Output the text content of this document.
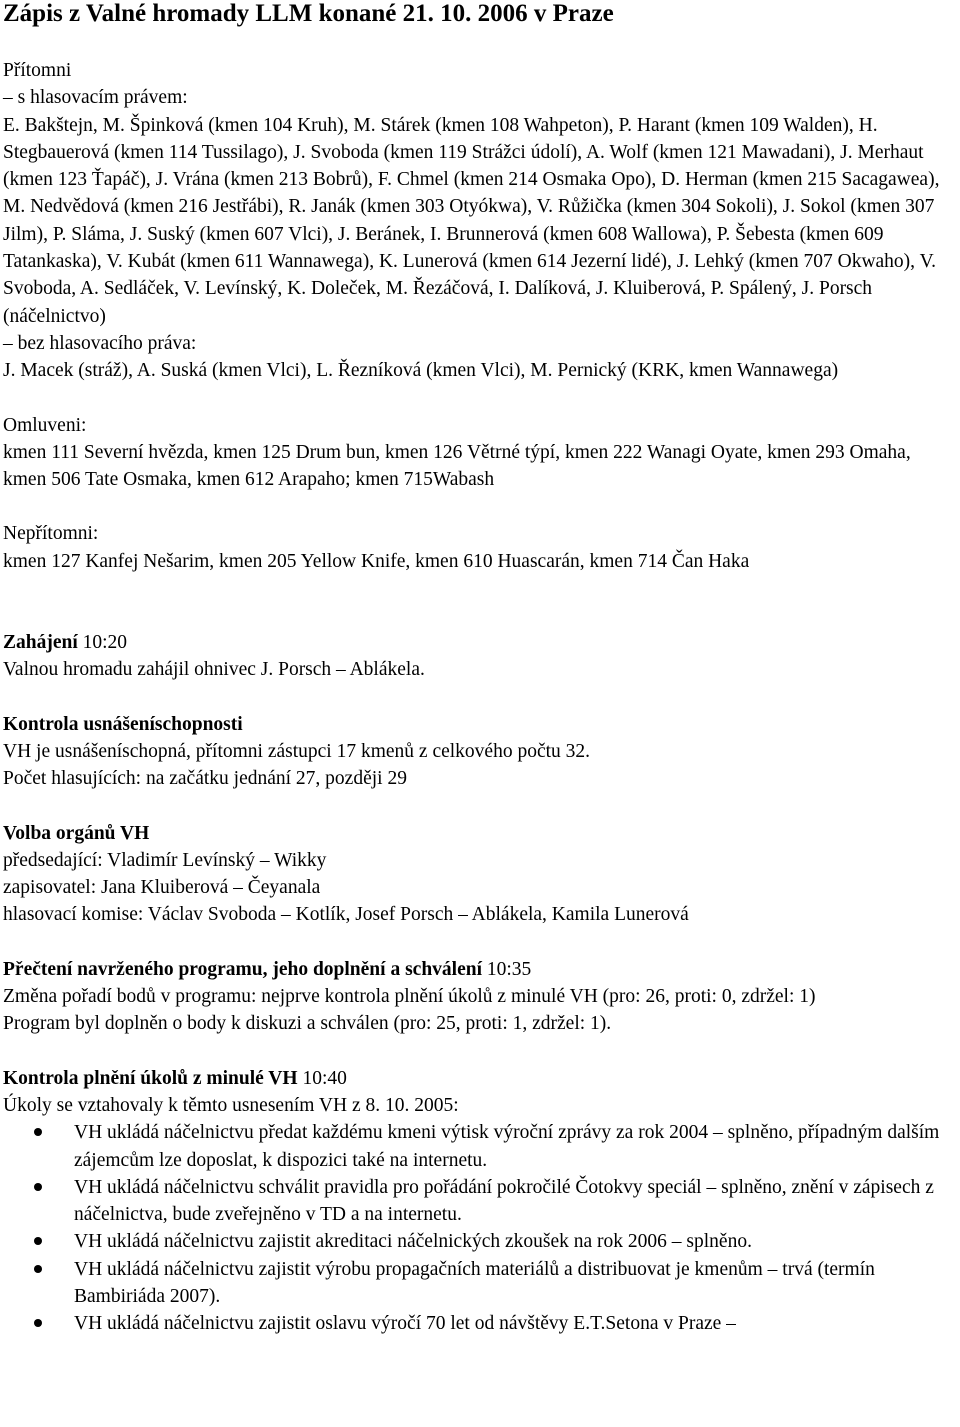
Zápis z Valné hromady LLM konané 21. 10. 2006 v Praze

Přítomni

– s hlasovacím právem:

E. Bakštejn, M. Špinková (kmen 104 Kruh), M. Stárek (kmen 108 Wahpeton), P. Harant (kmen 109 Walden), H. Stegbauerová (kmen 114 Tussilago), J. Svoboda (kmen 119 Strážci údolí), A. Wolf (kmen 121 Mawadani), J. Merhaut (kmen 123 Ťapáč), J. Vrána (kmen 213 Bobrů), F. Chmel (kmen 214 Osmaka Opo), D. Herman (kmen 215 Sacagawea), M. Nedvědová (kmen 216 Jestřábi), R. Janák (kmen 303 Otyókwa), V. Růžička (kmen 304 Sokoli), J. Sokol (kmen 307 Jilm), P. Sláma, J. Suský (kmen 607 Vlci), J. Beránek, I. Brunnerová (kmen 608 Wallowa), P. Šebesta (kmen 609 Tatankaska), V. Kubát (kmen 611 Wannawega), K. Lunerová (kmen 614 Jezerní lidé), J. Lehký (kmen 707 Okwaho), V. Svoboda, A. Sedláček, V. Levínský, K. Doleček, M. Řezáčová, I. Dalíková, J. Kluiberová, P. Spálený, J. Porsch (náčelnictvo)

– bez hlasovacího práva:

J. Macek (stráž), A. Suská (kmen Vlci), L. Řezníková (kmen Vlci), M. Pernický (KRK, kmen Wannawega)

Omluveni:

kmen 111 Severní hvězda, kmen 125 Drum bun, kmen 126 Větrné týpí, kmen 222 Wanagi Oyate, kmen 293 Omaha, kmen 506 Tate Osmaka, kmen 612 Arapaho; kmen 715Wabash

Nepřítomni:

kmen 127 Kanfej Nešarim, kmen 205 Yellow Knife, kmen 610 Huascarán, kmen 714 Čan Haka

Zahájení 10:20

Valnou hromadu zahájil ohnivec J. Porsch – Ablákela.

Kontrola usnášeníschopnosti

VH je usnášeníschopná, přítomni zástupci 17 kmenů z celkového počtu 32.

Počet hlasujících: na začátku jednání 27, později 29

Volba orgánů VH

předsedající: Vladimír Levínský – Wikky

zapisovatel: Jana Kluiberová – Čeyanala

hlasovací komise: Václav Svoboda – Kotlík, Josef Porsch – Ablákela, Kamila Lunerová

Přečtení navrženého programu, jeho doplnění a schválení 10:35

Změna pořadí bodů v programu: nejprve kontrola plnění úkolů z minulé VH (pro: 26, proti: 0, zdržel: 1)

Program byl doplněn o body k diskuzi a schválen (pro: 25, proti: 1, zdržel: 1).

Kontrola plnění úkolů z minulé VH 10:40

Úkoly se vztahovaly k těmto usnesením VH z 8. 10. 2005:

VH ukládá náčelnictvu předat každému kmeni výtisk výroční zprávy za rok 2004 – splněno, případným dalším zájemcům lze doposlat, k dispozici také na internetu.
VH ukládá náčelnictvu schválit pravidla pro pořádání pokročilé Čotokvy speciál – splněno, znění v zápisech z náčelnictva, bude zveřejněno v TD a na internetu.
VH ukládá náčelnictvu zajistit akreditaci náčelnických zkoušek na rok 2006 – splněno.
VH ukládá náčelnictvu zajistit výrobu propagačních materiálů a distribuovat je kmenům – trvá (termín Bambiriáda 2007).
VH ukládá náčelnictvu zajistit oslavu výročí 70 let od návštěvy E.T.Setona v Praze –
